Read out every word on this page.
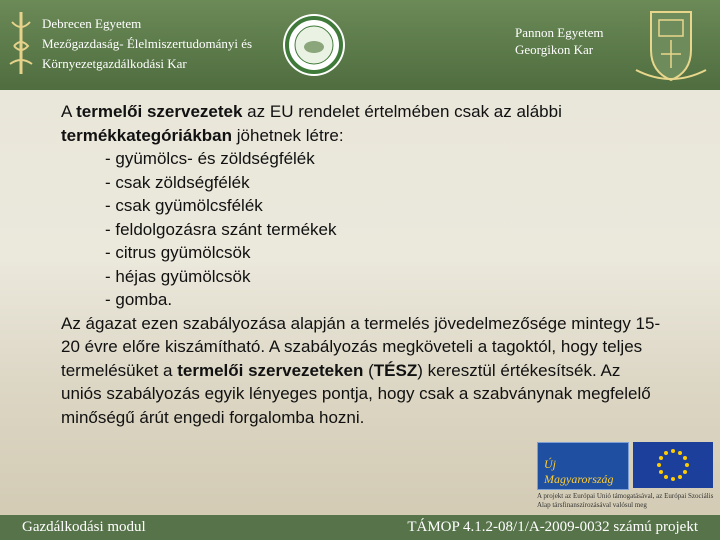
Debrecen Egyetem
Mezőgazdaság- Élelmiszertudományi és
Környezetgazdálkodási Kar
Pannon Egyetem
Georgikon Kar

A termelői szervezetek az EU rendelet értelmében csak az alábbi termékkategóriákban jöhetnek létre:

- gyümölcs- és zöldségfélék
- csak zöldségfélék
- csak gyümölcsfélék
- feldolgozásra szánt termékek
- citrus gyümölcsök
- héjas gyümölcsök
- gomba.

Az ágazat ezen szabályozása alapján a termelés jövedelmezősége mintegy 15-20 évre előre kiszámítható. A szabályozás megköveteli a tagoktól, hogy teljes termelésüket a termelői szervezeteken (TÉSZ) keresztül értékesítsék. Az uniós szabályozás egyik lényeges pontja, hogy csak a szabványnak megfelelő minőségű árút engedi forgalomba hozni.

Új Magyarország
A projekt az Európai Unió támogatásával, az Európai Szociális Alap társfinanszírozásával valósul meg
Gazdálkodási modul	TÁMOP 4.1.2-08/1/A-2009-0032 számú projekt
